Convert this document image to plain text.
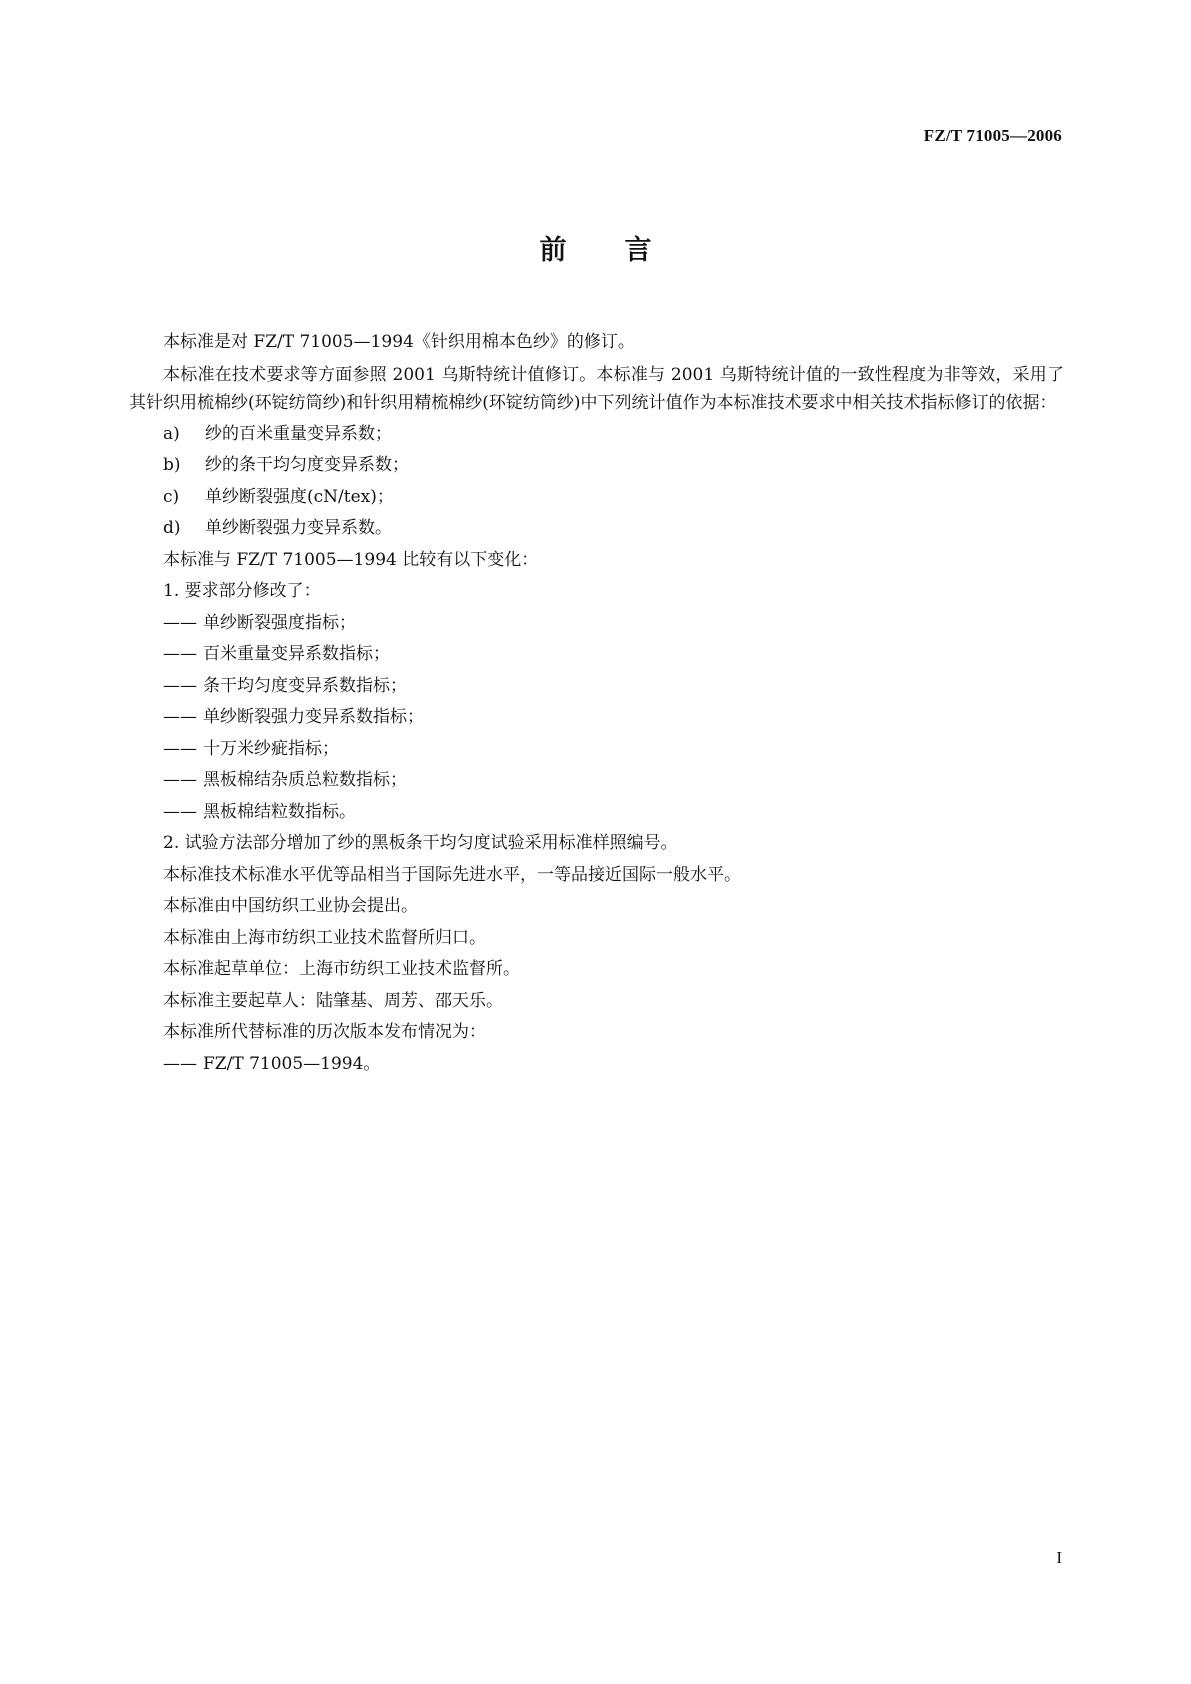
FZ/T 71005—2006
前言

本标准是对 FZ/T 71005—1994《针织用棉本色纱》的修订。

本标准在技术要求等方面参照 2001 乌斯特统计值修订。本标准与 2001 乌斯特统计值的一致性程度为非等效，采用了其针织用梳棉纱(环锭纺筒纱)和针织用精梳棉纱(环锭纺筒纱)中下列统计值作为本标准技术要求中相关技术指标修订的依据：

a) 纱的百米重量变异系数；

b) 纱的条干均匀度变异系数；

c) 单纱断裂强度(cN/tex)；

d) 单纱断裂强力变异系数。

本标准与 FZ/T 71005—1994 比较有以下变化：

1. 要求部分修改了：

—— 单纱断裂强度指标；

—— 百米重量变异系数指标；

—— 条干均匀度变异系数指标；

—— 单纱断裂强力变异系数指标；

—— 十万米纱疵指标；

—— 黑板棉结杂质总粒数指标；

—— 黑板棉结粒数指标。

2. 试验方法部分增加了纱的黑板条干均匀度试验采用标准样照编号。

本标准技术标准水平优等品相当于国际先进水平，一等品接近国际一般水平。

本标准由中国纺织工业协会提出。

本标准由上海市纺织工业技术监督所归口。

本标准起草单位：上海市纺织工业技术监督所。

本标准主要起草人：陆肇基、周芳、邵天乐。

本标准所代替标准的历次版本发布情况为：

—— FZ/T 71005—1994。

I
